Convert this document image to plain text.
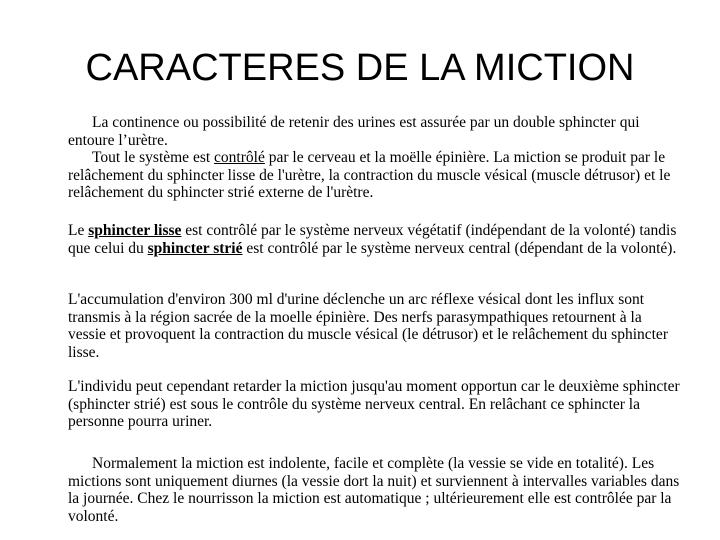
CARACTERES DE LA MICTION

La continence ou possibilité de retenir des urines est assurée par un double sphincter qui entoure l’urètre.
Tout le système est contrôlé par le cerveau et la moëlle épinière. La miction se produit par le relâchement du sphincter lisse de l'urètre, la contraction du muscle vésical (muscle détrusor) et le relâchement du sphincter strié externe de l'urètre.

Le sphincter lisse est contrôlé par le système nerveux végétatif (indépendant de la volonté) tandis que celui du sphincter strié est contrôlé par le système nerveux central (dépendant de la volonté).

L'accumulation d'environ 300 ml d'urine déclenche un arc réflexe vésical dont les influx sont transmis à la région sacrée de la moelle épinière. Des nerfs parasympathiques retournent à la vessie et provoquent la contraction du muscle vésical (le détrusor) et le relâchement du sphincter lisse.

L'individu peut cependant retarder la miction jusqu'au moment opportun car le deuxième sphincter (sphincter strié) est sous le contrôle du système nerveux central. En relâchant ce sphincter la personne pourra uriner.

Normalement la miction est indolente, facile et complète (la vessie se vide en totalité). Les mictions sont uniquement diurnes (la vessie dort la nuit) et surviennent à intervalles variables dans la journée. Chez le nourrisson la miction est automatique ; ultérieurement elle est contrôlée par la volonté.
